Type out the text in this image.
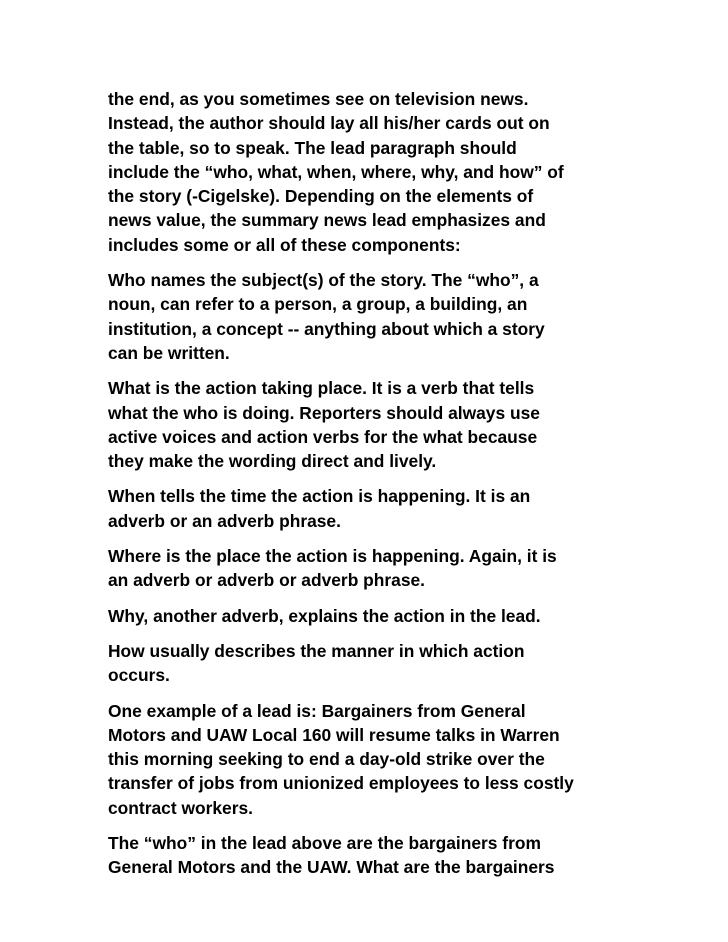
the end, as you sometimes see on television news.
Instead, the author should lay all his/her cards out on
the table, so to speak. The lead paragraph should
include the “who, what, when, where, why, and how” of
the story (-Cigelske). Depending on the elements of
news value, the summary news lead emphasizes and
includes some or all of these components:

Who names the subject(s) of the story. The “who”, a
noun, can refer to a person, a group, a building, an
institution, a concept -- anything about which a story
can be written.

What is the action taking place. It is a verb that tells
what the who is doing. Reporters should always use
active voices and action verbs for the what because
they make the wording direct and lively.

When tells the time the action is happening. It is an
adverb or an adverb phrase.

Where is the place the action is happening. Again, it is
an adverb or adverb or adverb phrase.

Why, another adverb, explains the action in the lead.

How usually describes the manner in which action
occurs.

One example of a lead is: Bargainers from General
Motors and UAW Local 160 will resume talks in Warren
this morning seeking to end a day-old strike over the
transfer of jobs from unionized employees to less costly
contract workers.

The “who” in the lead above are the bargainers from
General Motors and the UAW. What are the bargainers
